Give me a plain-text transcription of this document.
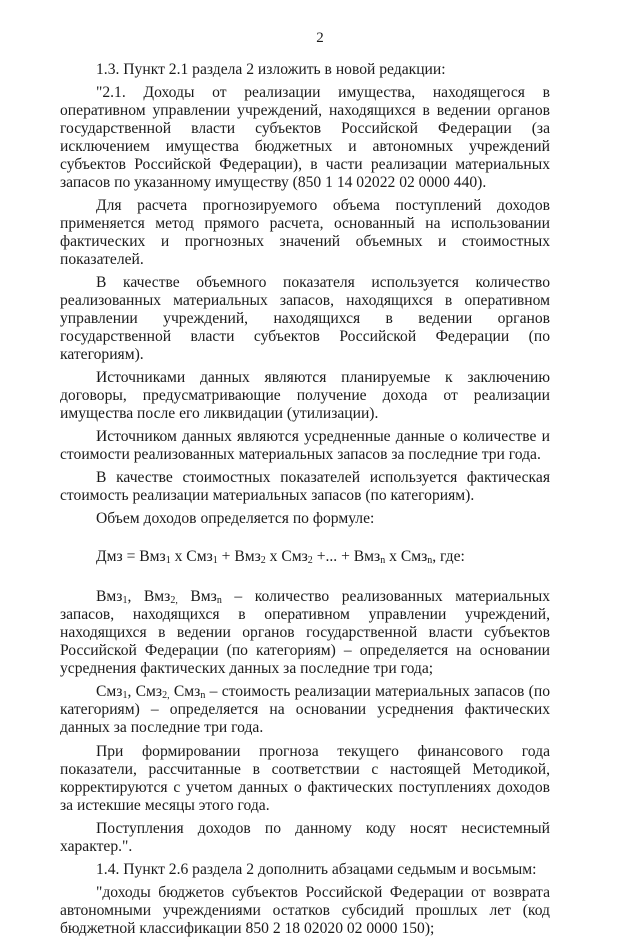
2

1.3. Пункт 2.1 раздела 2 изложить в новой редакции:

"2.1. Доходы от реализации имущества, находящегося в оперативном управлении учреждений, находящихся в ведении органов государственной власти субъектов Российской Федерации (за исключением имущества бюджетных и автономных учреждений субъектов Российской Федерации), в части реализации материальных запасов по указанному имуществу (850 1 14 02022 02 0000 440).

Для расчета прогнозируемого объема поступлений доходов применяется метод прямого расчета, основанный на использовании фактических и прогнозных значений объемных и стоимостных показателей.

В качестве объемного показателя используется количество реализованных материальных запасов, находящихся в оперативном управлении учреждений, находящихся в ведении органов государственной власти субъектов Российской Федерации (по категориям).

Источниками данных являются планируемые к заключению договоры, предусматривающие получение дохода от реализации имущества после его ликвидации (утилизации).

Источником данных являются усредненные данные о количестве и стоимости реализованных материальных запасов за последние три года.

В качестве стоимостных показателей используется фактическая стоимость реализации материальных запасов (по категориям).

Объем доходов определяется по формуле:

Дмз = Вмз$_1$ x Смз$_1$ + Вмз$_2$ x Смз$_2$ +... + Вмз$_n$ x Смз$_n$, где:

Вмз$_1$, Вмз$_{2,}$ Вмз$_n$ – количество реализованных материальных запасов, находящихся в оперативном управлении учреждений, находящихся в ведении органов государственной власти субъектов Российской Федерации (по категориям) – определяется на основании усреднения фактических данных за последние три года;

Смз$_1$, Смз$_{2,}$ Смз$_n$ – стоимость реализации материальных запасов (по категориям) – определяется на основании усреднения фактических данных за последние три года.

При формировании прогноза текущего финансового года показатели, рассчитанные в соответствии с настоящей Методикой, корректируются с учетом данных о фактических поступлениях доходов за истекшие месяцы этого года.

Поступления доходов по данному коду носят несистемный характер.".

1.4. Пункт 2.6 раздела 2 дополнить абзацами седьмым и восьмым:

"доходы бюджетов субъектов Российской Федерации от возврата автономными учреждениями остатков субсидий прошлых лет (код бюджетной классификации 850 2 18 02020 02 0000 150);
